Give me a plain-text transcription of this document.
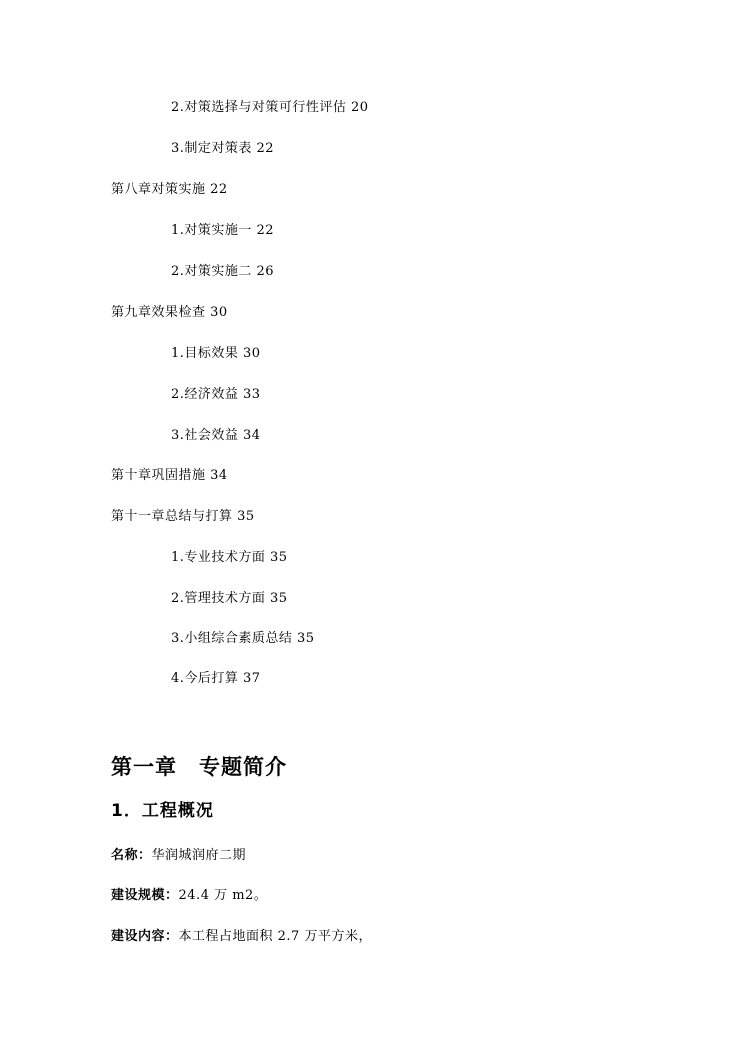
2.对策选择与对策可行性评估 20
3.制定对策表 22
第八章对策实施 22
1.对策实施一 22
2.对策实施二 26
第九章效果检查 30
1.目标效果 30
2.经济效益 33
3.社会效益 34
第十章巩固措施 34
第十一章总结与打算 35
1.专业技术方面 35
2.管理技术方面 35
3.小组综合素质总结 35
4.今后打算 37
第一章 专题简介
1．工程概况
名称：华润城润府二期
建设规模：24.4 万 m2。
建设内容：本工程占地面积 2.7 万平方米，
